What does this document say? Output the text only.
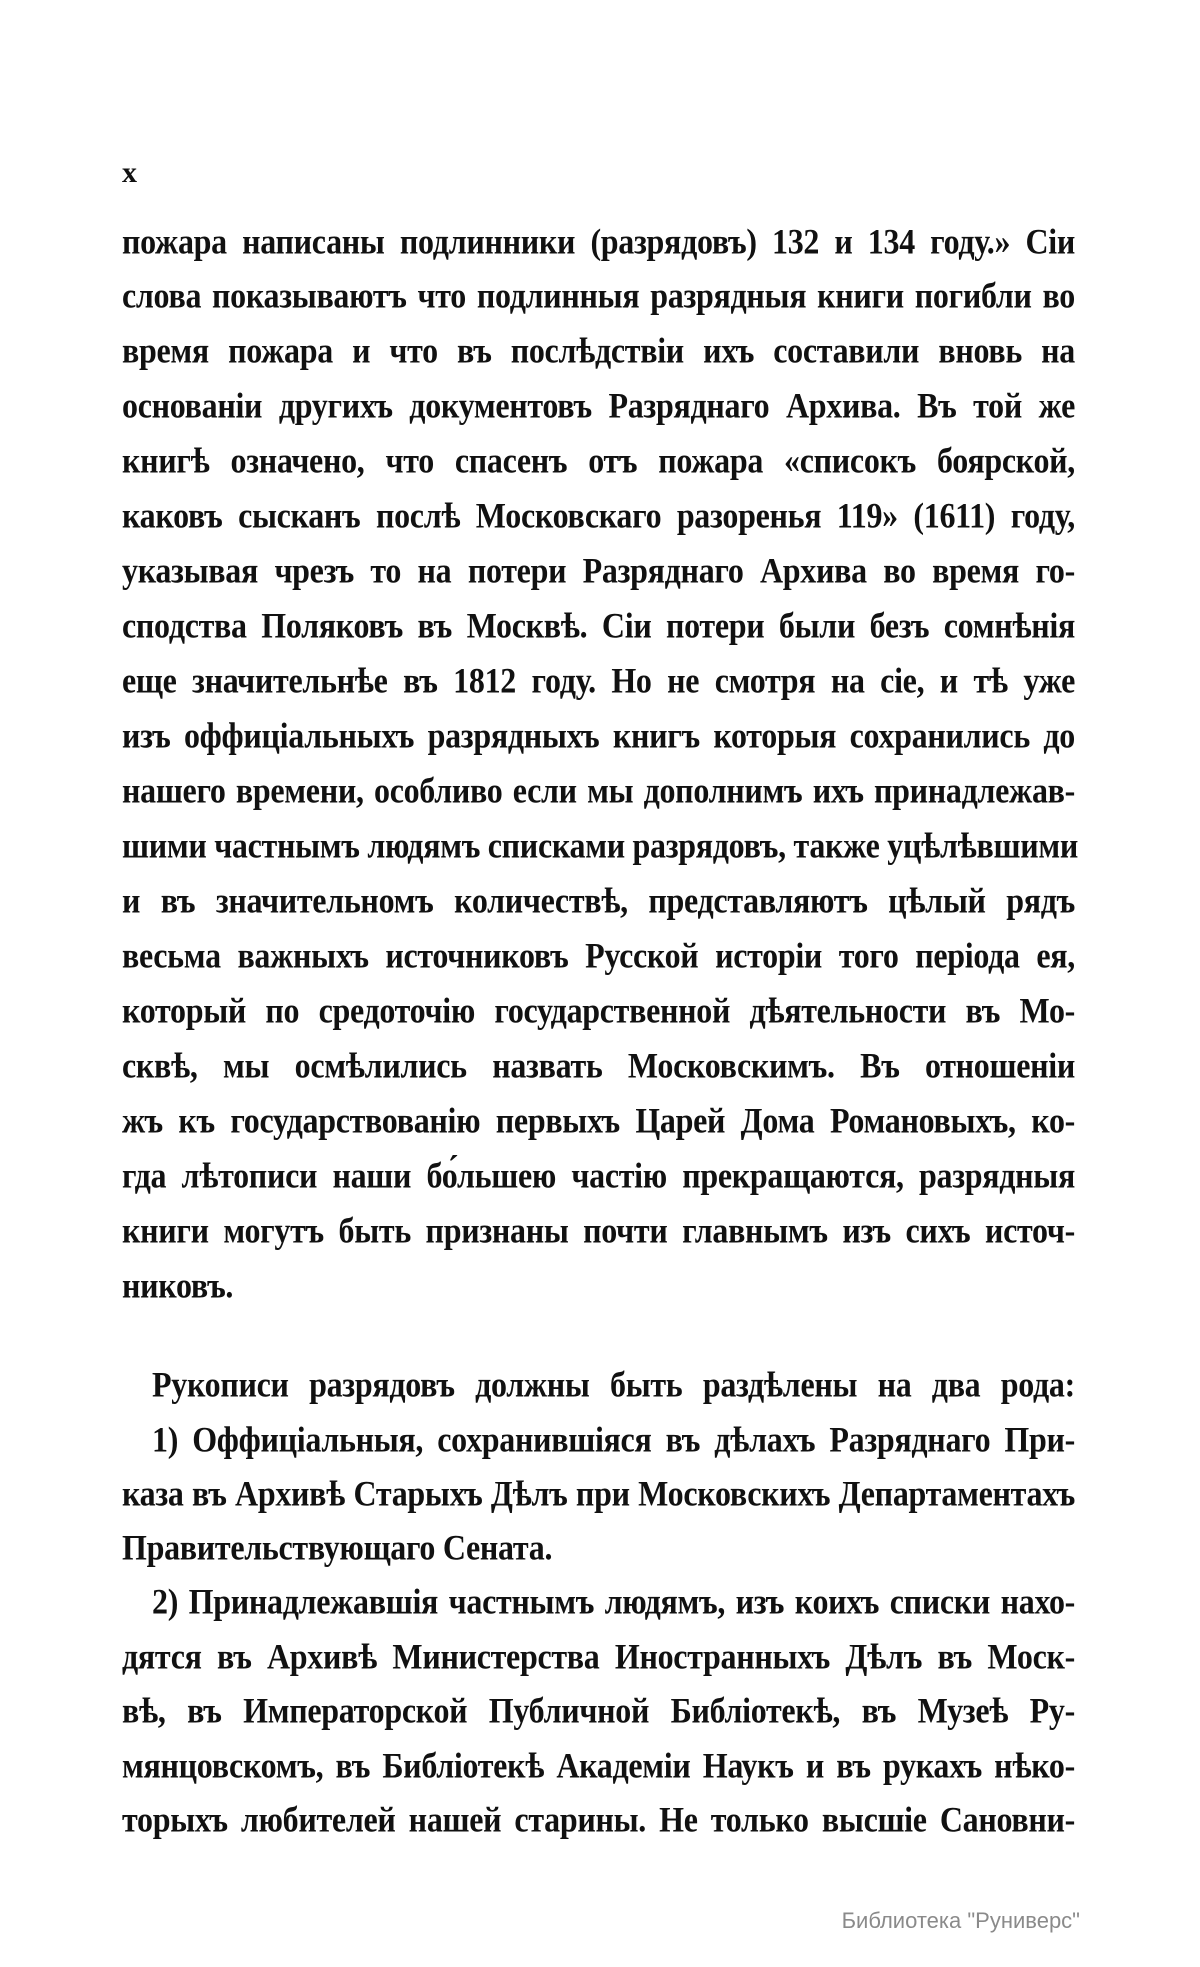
x
пожара написаны подлинники (разрядовъ) 132 и 134 году.» Сіи
слова показываютъ что подлинныя разрядныя книги погибли во
время пожара и что въ послѣдствіи ихъ составили вновь на
основаніи другихъ документовъ Разряднаго Архива. Въ той же
книгѣ означено, что спасенъ отъ пожара «списокъ боярской,
каковъ сысканъ послѣ Московскаго разоренья 119» (1611) году,
указывая чрезъ то на потери Разряднаго Архива во время го-
сподства Поляковъ въ Москвѣ. Сіи потери были безъ сомнѣнія
еще значительнѣе въ 1812 году. Но не смотря на сіе, и тѣ уже
изъ оффиціальныхъ разрядныхъ книгъ которыя сохранились до
нашего времени, особливо если мы дополнимъ ихъ принадлежав-
шими частнымъ людямъ списками разрядовъ, также уцѣлѣвшими
и въ значительномъ количествѣ, представляютъ цѣлый рядъ
весьма важныхъ источниковъ Русской исторіи того періода ея,
который по средоточію государственной дѣятельности въ Мо-
сквѣ, мы осмѣлились назвать Московскимъ. Въ отношеніи
жъ къ государствованію первыхъ Царей Дома Романовыхъ, ко-
гда лѣтописи наши бо́льшею частію прекращаются, разрядныя
книги могутъ быть признаны почти главнымъ изъ сихъ источ-
никовъ.
Рукописи разрядовъ должны быть раздѣлены на два рода:
1) Оффиціальныя, сохранившіяся въ дѣлахъ Разряднаго При-
каза въ Архивѣ Старыхъ Дѣлъ при Московскихъ Департаментахъ
Правительствующаго Сената.
2) Принадлежавшія частнымъ людямъ, изъ коихъ списки нахо-
дятся въ Архивѣ Министерства Иностранныхъ Дѣлъ въ Моск-
вѣ, въ Императорской Публичной Библіотекѣ, въ Музеѣ Ру-
мянцовскомъ, въ Библіотекѣ Академіи Наукъ и въ рукахъ нѣко-
торыхъ любителей нашей старины. Не только высшіе Сановни-
Библиотека "Руниверс"
